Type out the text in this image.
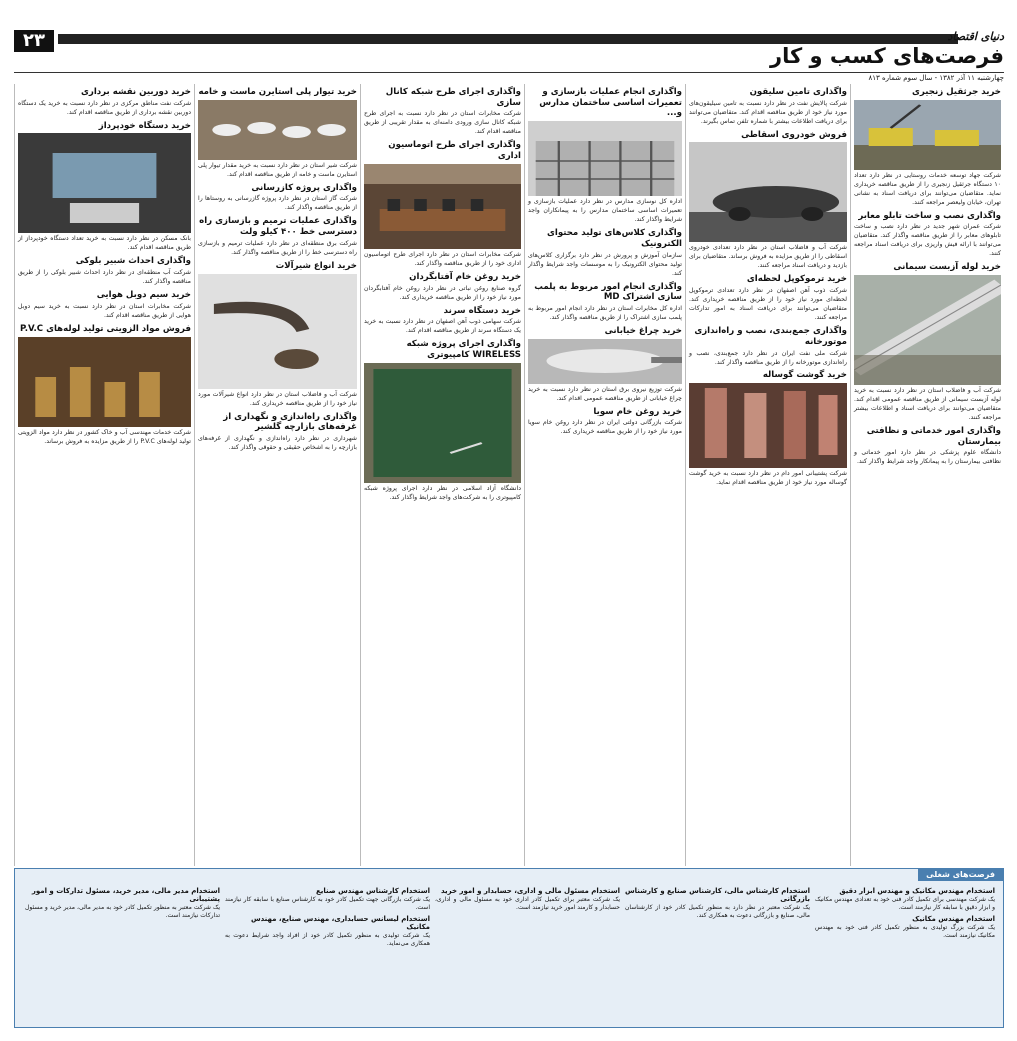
۲۳	دنیای اقتصاد
فرصت‌های کسب و کار
چهارشنبه ۱۱ آذر ۱۳۸۲ - سال سوم شماره ۸۱۳
خرید جرثقیل زنجیری

شرکت جهاد توسعه خدمات روستایی در نظر دارد تعداد ۱۰ دستگاه جرثقیل زنجیری را از طریق مناقصه خریداری نماید. متقاضیان می‌توانند برای دریافت اسناد به نشانی تهران، خیابان ولیعصر مراجعه کنند.

واگذاری نصب و ساخت تابلو معابر

شرکت عمران شهر جدید در نظر دارد نصب و ساخت تابلوهای معابر را از طریق مناقصه واگذار کند. متقاضیان می‌توانند با ارائه فیش واریزی برای دریافت اسناد مراجعه کنند.

خرید لوله آزبست سیمانی

شرکت آب و فاضلاب استان در نظر دارد نسبت به خرید لوله آزبست سیمانی از طریق مناقصه عمومی اقدام کند. متقاضیان می‌توانند برای دریافت اسناد و اطلاعات بیشتر مراجعه کنند.

واگذاری امور خدماتی و نظافتی بیمارستان

دانشگاه علوم پزشکی در نظر دارد امور خدماتی و نظافتی بیمارستان را به پیمانکار واجد شرایط واگذار کند.

واگذاری تامین سلیقون

شرکت پالایش نفت در نظر دارد نسبت به تامین سیلیقون‌های مورد نیاز خود از طریق مناقصه اقدام کند. متقاضیان می‌توانند برای دریافت اطلاعات بیشتر با شماره تلفن تماس بگیرند.

فروش خودروی اسقاطی

شرکت آب و فاضلاب استان در نظر دارد تعدادی خودروی اسقاطی را از طریق مزایده به فروش برساند. متقاضیان برای بازدید و دریافت اسناد مراجعه کنند.

خرید ترموکوپل لحظه‌ای

شرکت ذوب آهن اصفهان در نظر دارد تعدادی ترموکوپل لحظه‌ای مورد نیاز خود را از طریق مناقصه خریداری کند. متقاضیان می‌توانند برای دریافت اسناد به امور تدارکات مراجعه کنند.

واگذاری جمع‌بندی، نصب و راه‌اندازی موتورخانه

شرکت ملی نفت ایران در نظر دارد جمع‌بندی، نصب و راه‌اندازی موتورخانه را از طریق مناقصه واگذار کند.

خرید گوشت گوساله

شرکت پشتیبانی امور دام در نظر دارد نسبت به خرید گوشت گوساله مورد نیاز خود از طریق مناقصه اقدام نماید.

واگذاری انجام عملیات بازسازی و تعمیرات اساسی ساختمان مدارس و...

اداره کل نوسازی مدارس در نظر دارد عملیات بازسازی و تعمیرات اساسی ساختمان مدارس را به پیمانکاران واجد شرایط واگذار کند.

واگذاری کلاس‌های تولید محتوای الکترونیک

سازمان آموزش و پرورش در نظر دارد برگزاری کلاس‌های تولید محتوای الکترونیک را به موسسات واجد شرایط واگذار کند.

واگذاری انجام امور مربوط به پلمب سازی اشتراک MD

اداره کل مخابرات استان در نظر دارد انجام امور مربوط به پلمب سازی اشتراک را از طریق مناقصه واگذار کند.

خرید چراغ خیابانی

شرکت توزیع نیروی برق استان در نظر دارد نسبت به خرید چراغ خیابانی از طریق مناقصه عمومی اقدام کند.

خرید روغن خام سویا

شرکت بازرگانی دولتی ایران در نظر دارد روغن خام سویا مورد نیاز خود را از طریق مناقصه خریداری کند.

واگذاری اجرای طرح شبکه کانال سازی

شرکت مخابرات استان در نظر دارد نسبت به اجرای طرح شبکه کانال سازی ورودی دامنه‌ای به مقدار تقریبی از طریق مناقصه اقدام کند.

واگذاری اجرای طرح اتوماسیون اداری

شرکت مخابرات استان در نظر دارد اجرای طرح اتوماسیون اداری خود را از طریق مناقصه واگذار کند.

خرید روغن خام آفتابگردان

گروه صنایع روغن نباتی در نظر دارد روغن خام آفتابگردان مورد نیاز خود را از طریق مناقصه خریداری کند.

خرید دستگاه سرند

شرکت سهامی ذوب آهن اصفهان در نظر دارد نسبت به خرید یک دستگاه سرند از طریق مناقصه اقدام کند.

واگذاری اجرای پروژه شبکه WIRELESS کامپیوتری

دانشگاه آزاد اسلامی در نظر دارد اجرای پروژه شبکه کامپیوتری را به شرکت‌های واجد شرایط واگذار کند.

خرید تیوار پلی استایرن ماست و خامه

شرکت شیر استان در نظر دارد نسبت به خرید مقدار تیوار پلی استایرن ماست و خامه از طریق مناقصه اقدام کند.

واگذاری پروژه کازرسانی

شرکت گاز استان در نظر دارد پروژه گازرسانی به روستاها را از طریق مناقصه واگذار کند.

واگذاری عملیات ترمیم و بازسازی راه دسترسی خط ۴۰۰ کیلو ولت

شرکت برق منطقه‌ای در نظر دارد عملیات ترمیم و بازسازی راه دسترسی خط را از طریق مناقصه واگذار کند.

خرید انواع شیرآلات

شرکت آب و فاضلاب استان در نظر دارد انواع شیرآلات مورد نیاز خود را از طریق مناقصه خریداری کند.

واگذاری راه‌اندازی و نگهداری از غرفه‌های بازارچه گلشیر

شهرداری در نظر دارد راه‌اندازی و نگهداری از غرفه‌های بازارچه را به اشخاص حقیقی و حقوقی واگذار کند.

خرید دوربین نقشه برداری

شرکت نفت مناطق مرکزی در نظر دارد نسبت به خرید یک دستگاه دوربین نقشه برداری از طریق مناقصه اقدام کند.

خرید دستگاه خودپرداز

بانک مسکن در نظر دارد نسبت به خرید تعداد دستگاه خودپرداز از طریق مناقصه اقدام کند.

واگذاری احداث شبیر بلوکی

شرکت آب منطقه‌ای در نظر دارد احداث شبیر بلوکی را از طریق مناقصه واگذار کند.

خرید سیم دوبل هوایی

شرکت مخابرات استان در نظر دارد نسبت به خرید سیم دوبل هوایی از طریق مناقصه اقدام کند.

فروش مواد الزویتی تولید لوله‌های P.V.C

شرکت خدمات مهندسی آب و خاک کشور در نظر دارد مواد الزویتی تولید لوله‌های P.V.C را از طریق مزایده به فروش برساند.

فرصت‌های شغلی
استخدام مهندس مکانیک و مهندس ابزار دقیق

یک شرکت مهندسی برای تکمیل کادر فنی خود به تعدادی مهندس مکانیک و ابزار دقیق با سابقه کار نیازمند است.

استخدام مهندس مکانیک

یک شرکت بزرگ تولیدی به منظور تکمیل کادر فنی خود به مهندس مکانیک نیازمند است.

استخدام کارشناس مالی، کارشناس صنایع و کارشناس بازرگانی

یک شرکت معتبر در نظر دارد به منظور تکمیل کادر خود از کارشناسان مالی، صنایع و بازرگانی دعوت به همکاری کند.

استخدام مسئول مالی و اداری، حسابدار و امور خرید

یک شرکت معتبر برای تکمیل کادر اداری خود به مسئول مالی و اداری، حسابدار و کارمند امور خرید نیازمند است.

استخدام کارشناس مهندس صنایع

یک شرکت بازرگانی جهت تکمیل کادر خود به کارشناس صنایع با سابقه کار نیازمند است.

استخدام لیسانس حسابداری، مهندس صنایع، مهندس مکانیک

یک شرکت تولیدی به منظور تکمیل کادر خود از افراد واجد شرایط دعوت به همکاری می‌نماید.

استخدام مدیر مالی، مدیر خرید، مسئول تدارکات و امور پشتیبانی

یک شرکت معتبر به منظور تکمیل کادر خود به مدیر مالی، مدیر خرید و مسئول تدارکات نیازمند است.
